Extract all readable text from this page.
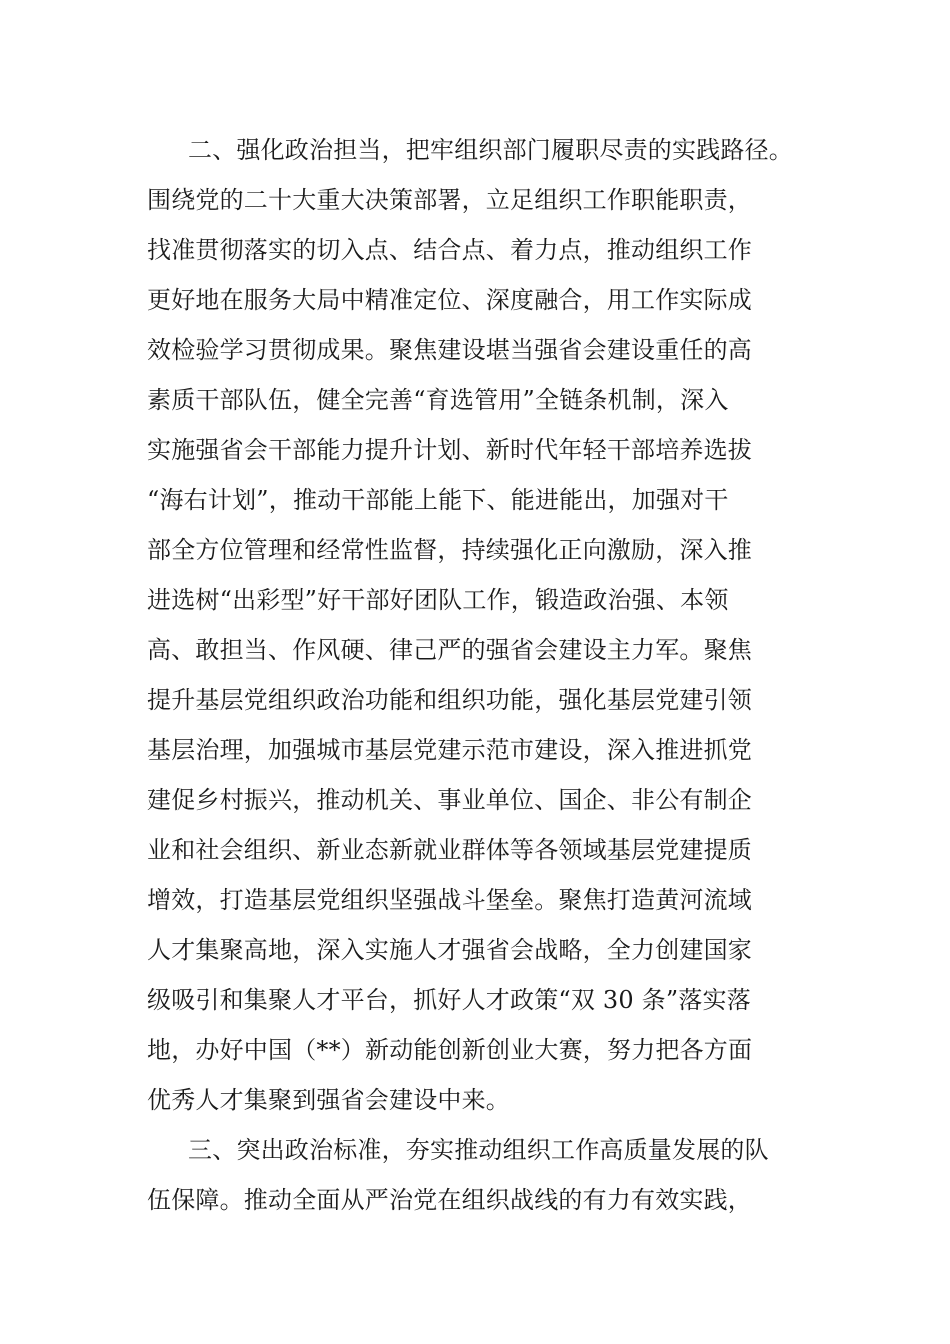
二、强化政治担当，把牢组织部门履职尽责的实践路径。

围绕党的二十大重大决策部署，立足组织工作职能职责，

找准贯彻落实的切入点、结合点、着力点，推动组织工作

更好地在服务大局中精准定位、深度融合，用工作实际成

效检验学习贯彻成果。聚焦建设堪当强省会建设重任的高

素质干部队伍，健全完善“育选管用”全链条机制，深入

实施强省会干部能力提升计划、新时代年轻干部培养选拔

“海右计划”，推动干部能上能下、能进能出，加强对干

部全方位管理和经常性监督，持续强化正向激励，深入推

进选树“出彩型”好干部好团队工作，锻造政治强、本领

高、敢担当、作风硬、律己严的强省会建设主力军。聚焦

提升基层党组织政治功能和组织功能，强化基层党建引领

基层治理，加强城市基层党建示范市建设，深入推进抓党

建促乡村振兴，推动机关、事业单位、国企、非公有制企

业和社会组织、新业态新就业群体等各领域基层党建提质

增效，打造基层党组织坚强战斗堡垒。聚焦打造黄河流域

人才集聚高地，深入实施人才强省会战略，全力创建国家

级吸引和集聚人才平台，抓好人才政策“双 30 条”落实落

地，办好中国（**）新动能创新创业大赛，努力把各方面

优秀人才集聚到强省会建设中来。

三、突出政治标准，夯实推动组织工作高质量发展的队

伍保障。推动全面从严治党在组织战线的有力有效实践，
